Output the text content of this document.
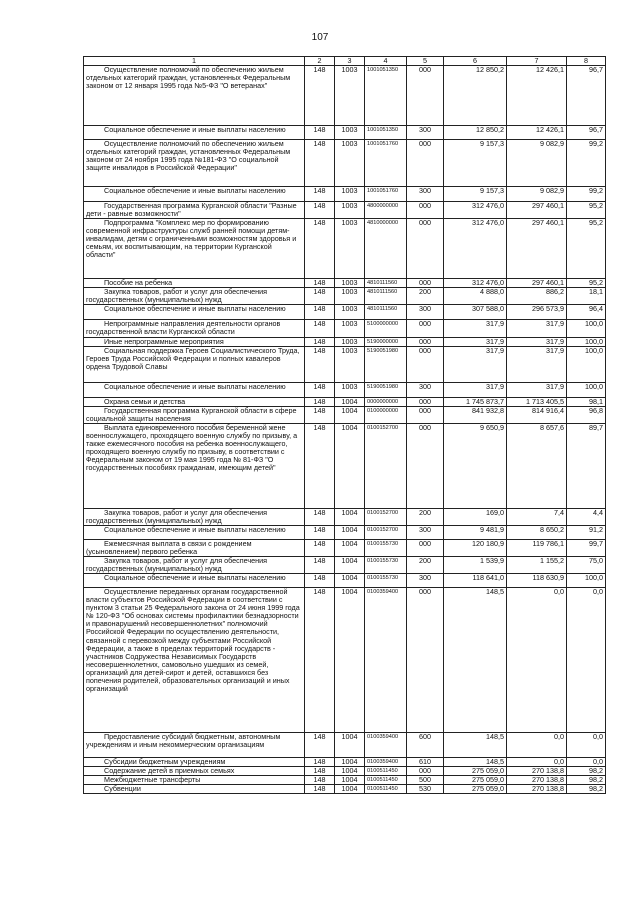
107
1	2	3	4	5	6	7	8
Осуществление полномочий по обеспечению жильем отдельных категорий граждан, установленных Федеральным законом от 12 января 1995 года №5-ФЗ "О ветеранах"	148	1003	1001051350	000	12 850,2	12 426,1	96,7
Социальное обеспечение и иные выплаты населению	148	1003	1001051350	300	12 850,2	12 426,1	96,7
Осуществление полномочий по обеспечению жильем отдельных категорий граждан, установленных Федеральным законом от 24 ноября 1995 года №181-ФЗ "О социальной защите инвалидов в Российской Федерации"	148	1003	1001051760	000	9 157,3	9 082,9	99,2
Социальное обеспечение и иные выплаты населению	148	1003	1001051760	300	9 157,3	9 082,9	99,2
Государственная программа Курганской области "Разные дети - равные возможности"	148	1003	4800000000	000	312 476,0	297 460,1	95,2
Подпрограмма "Комплекс мер по формированию современной инфраструктуры служб ранней помощи детям-инвалидам, детям с ограниченными возможностям здоровья и семьям, их воспитывающим, на территории Курганской области"	148	1003	4810000000	000	312 476,0	297 460,1	95,2
Пособие на ребенка	148	1003	4810111560	000	312 476,0	297 460,1	95,2
Закупка товаров, работ и услуг для обеспечения государственных (муниципальных) нужд	148	1003	4810111560	200	4 888,0	886,2	18,1
Социальное обеспечение и иные выплаты населению	148	1003	4810111560	300	307 588,0	296 573,9	96,4
Непрограммные направления деятельности органов государственной власти Курганской области	148	1003	5100000000	000	317,9	317,9	100,0
Иные непрограммные мероприятия	148	1003	5190000000	000	317,9	317,9	100,0
Социальная поддержка Героев Социалистического Труда, Героев Труда Российской Федерации и полных кавалеров ордена Трудовой Славы	148	1003	5190051980	000	317,9	317,9	100,0
Социальное обеспечение и иные выплаты населению	148	1003	5190051980	300	317,9	317,9	100,0
Охрана семьи и детства	148	1004	0000000000	000	1 745 873,7	1 713 405,5	98,1
Государственная программа Курганской области в сфере социальной защиты населения	148	1004	0100000000	000	841 932,8	814 916,4	96,8
Выплата единовременного пособия беременной жене военнослужащего, проходящего военную службу по призыву, а также ежемесячного пособия на ребенка военнослужащего, проходящего военную службу по призыву, в соответствии с Федеральным законом от 19 мая 1995 года № 81-ФЗ "О государственных пособиях гражданам, имеющим детей"	148	1004	0100152700	000	9 650,9	8 657,6	89,7
Закупка товаров, работ и услуг для обеспечения государственных (муниципальных) нужд	148	1004	0100152700	200	169,0	7,4	4,4
Социальное обеспечение и иные выплаты населению	148	1004	0100152700	300	9 481,9	8 650,2	91,2
Ежемесячная выплата в связи с рождением (усыновлением) первого ребенка	148	1004	0100155730	000	120 180,9	119 786,1	99,7
Закупка товаров, работ и услуг для обеспечения государственных (муниципальных) нужд	148	1004	0100155730	200	1 539,9	1 155,2	75,0
Социальное обеспечение и иные выплаты населению	148	1004	0100155730	300	118 641,0	118 630,9	100,0
Осуществление переданных органам государственной власти субъектов Российской Федерации в соответствии с пунктом 3 статьи 25 Федерального закона от 24 июня 1999 года № 120-ФЗ "Об основах системы профилактики безнадзорности и правонарушений несовершеннолетних" полномочий Российской Федерации по осуществлению деятельности, связанной с перевозкой между субъектами Российской Федерации, а также в пределах территорий государств - участников Содружества Независимых Государств несовершеннолетних, самовольно ушедших из семей, организаций для детей-сирот и детей, оставшихся без попечения родителей, образовательных организаций и иных организаций	148	1004	0100359400	000	148,5	0,0	0,0
Предоставление субсидий бюджетным, автономным учреждениям и иным некоммерческим организациям	148	1004	0100359400	600	148,5	0,0	0,0
Субсидии бюджетным учреждениям	148	1004	0100359400	610	148,5	0,0	0,0
Содержание детей в приемных семьях	148	1004	0100511450	000	275 059,0	270 138,8	98,2
Межбюджетные трансферты	148	1004	0100511450	500	275 059,0	270 138,8	98,2
Субвенции	148	1004	0100511450	530	275 059,0	270 138,8	98,2
